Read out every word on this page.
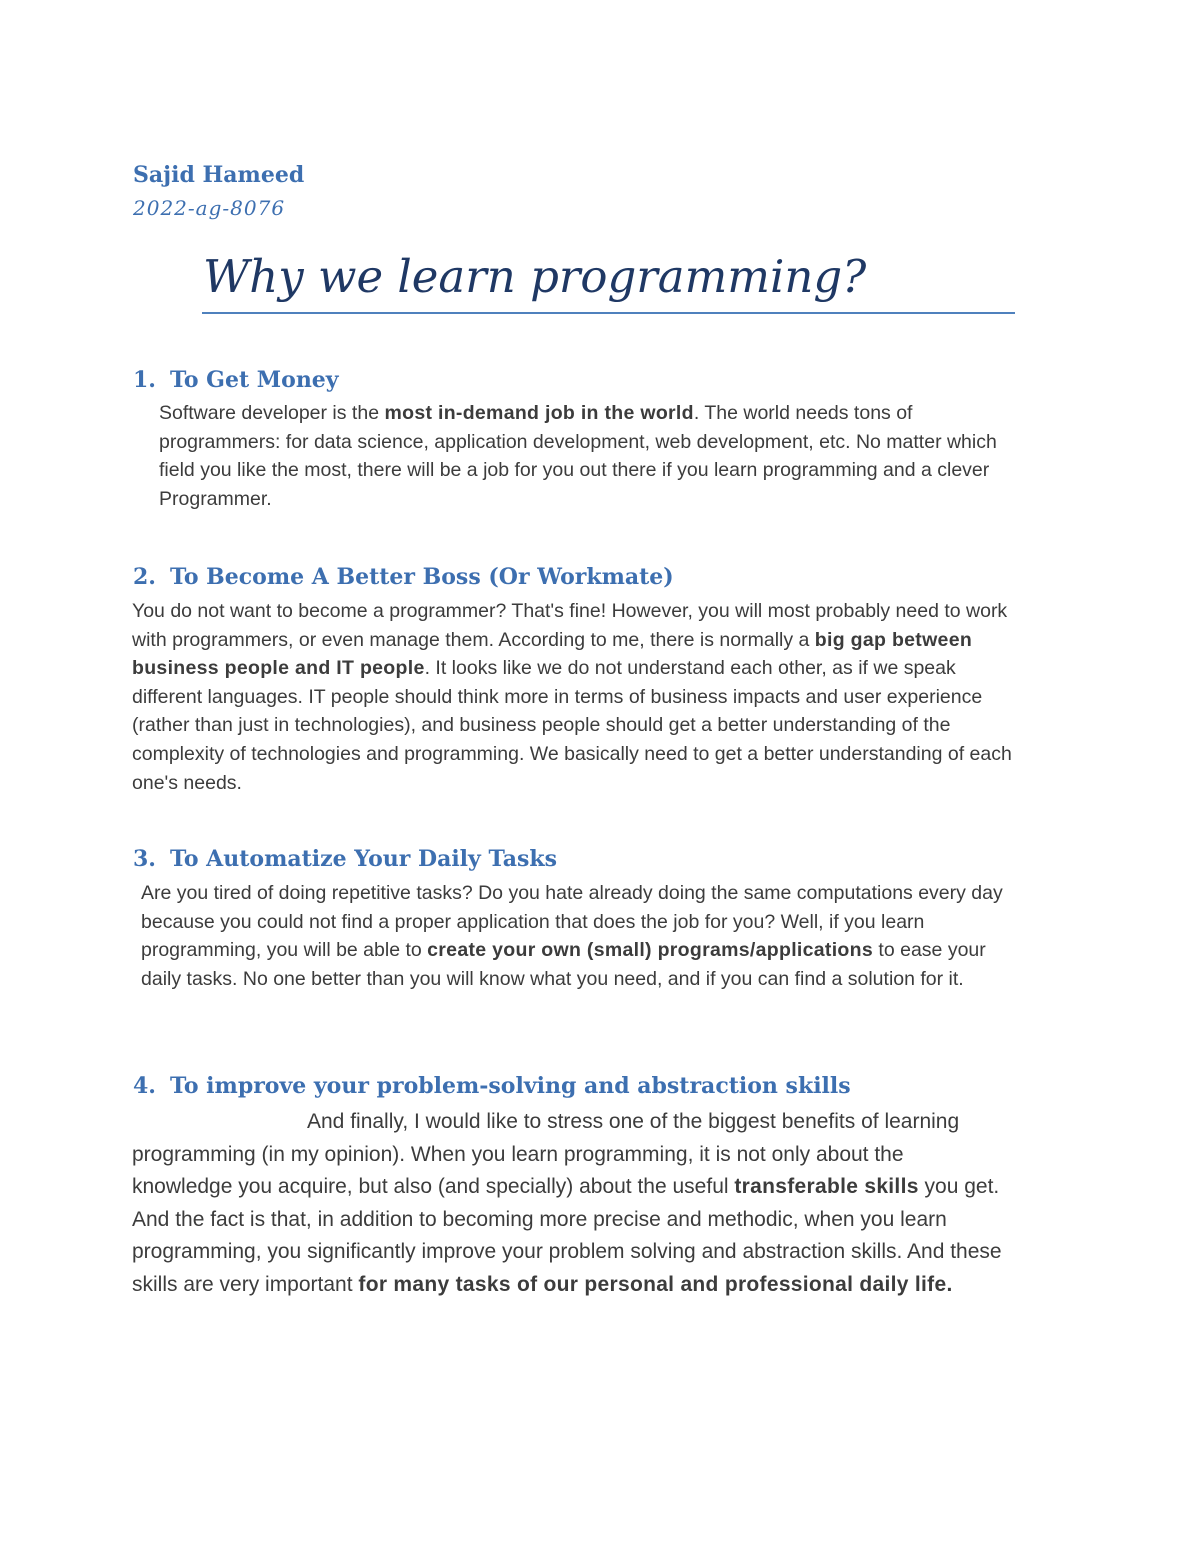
Sajid Hameed

2022-ag-8076

Why we learn programming?
1. To Get Money

Software developer is the most in-demand job in the world. The world needs tons of programmers: for data science, application development, web development, etc. No matter which field you like the most, there will be a job for you out there if you learn programming and a clever Programmer.

2. To Become A Better Boss (Or Workmate)

You do not want to become a programmer? That's fine! However, you will most probably need to work with programmers, or even manage them. According to me, there is normally a big gap between business people and IT people. It looks like we do not understand each other, as if we speak different languages. IT people should think more in terms of business impacts and user experience (rather than just in technologies), and business people should get a better understanding of the complexity of technologies and programming. We basically need to get a better understanding of each one's needs.

3. To Automatize Your Daily Tasks

Are you tired of doing repetitive tasks? Do you hate already doing the same computations every day because you could not find a proper application that does the job for you? Well, if you learn programming, you will be able to create your own (small) programs/applications to ease your daily tasks. No one better than you will know what you need, and if you can find a solution for it.

4. To improve your problem-solving and abstraction skills

And finally, I would like to stress one of the biggest benefits of learning programming (in my opinion). When you learn programming, it is not only about the knowledge you acquire, but also (and specially) about the useful transferable skills you get. And the fact is that, in addition to becoming more precise and methodic, when you learn programming, you significantly improve your problem solving and abstraction skills. And these skills are very important for many tasks of our personal and professional daily life.
